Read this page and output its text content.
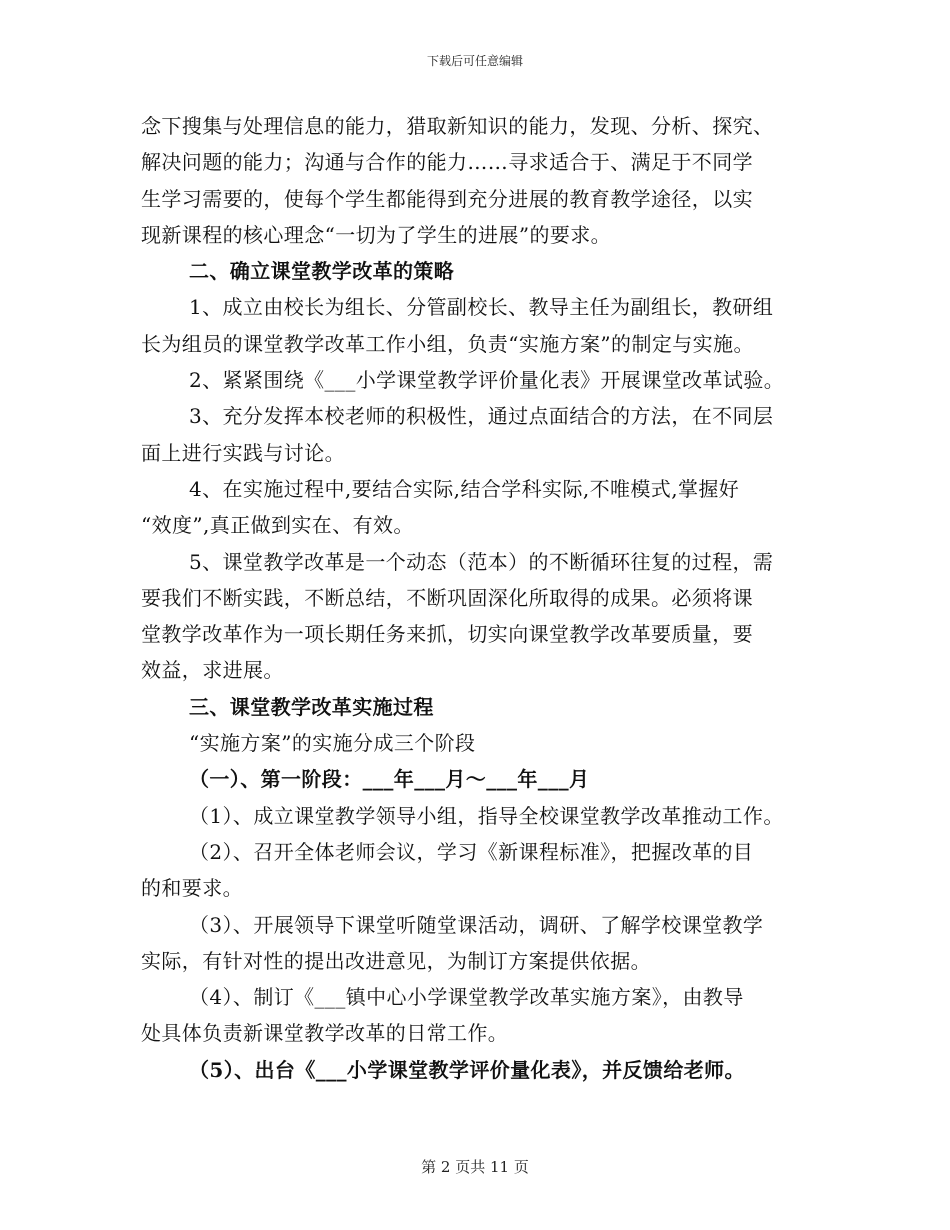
下载后可任意编辑
念下搜集与处理信息的能力，猎取新知识的能力，发现、分析、探究、
解决问题的能力；沟通与合作的能力……寻求适合于、满足于不同学
生学习需要的，使每个学生都能得到充分进展的教育教学途径，以实
现新课程的核心理念“一切为了学生的进展”的要求。
二、确立课堂教学改革的策略
1、成立由校长为组长、分管副校长、教导主任为副组长，教研组
长为组员的课堂教学改革工作小组，负责“实施方案”的制定与实施。
2、紧紧围绕《___小学课堂教学评价量化表》开展课堂改革试验。
3、充分发挥本校老师的积极性，通过点面结合的方法，在不同层
面上进行实践与讨论。
4、在实施过程中,要结合实际,结合学科实际,不唯模式,掌握好
“效度”,真正做到实在、有效。
5、课堂教学改革是一个动态（范本）的不断循环往复的过程，需
要我们不断实践，不断总结，不断巩固深化所取得的成果。必须将课
堂教学改革作为一项长期任务来抓，切实向课堂教学改革要质量，要
效益，求进展。
三、课堂教学改革实施过程
“实施方案”的实施分成三个阶段
（一）、第一阶段：___年___月～___年___月
（1）、成立课堂教学领导小组，指导全校课堂教学改革推动工作。
（2）、召开全体老师会议，学习《新课程标准》，把握改革的目
的和要求。
（3）、开展领导下课堂听随堂课活动，调研、了解学校课堂教学
实际，有针对性的提出改进意见，为制订方案提供依据。
（4）、制订《___镇中心小学课堂教学改革实施方案》，由教导
处具体负责新课堂教学改革的日常工作。
（5）、出台《___小学课堂教学评价量化表》，并反馈给老师。
第 2 页共 11 页
